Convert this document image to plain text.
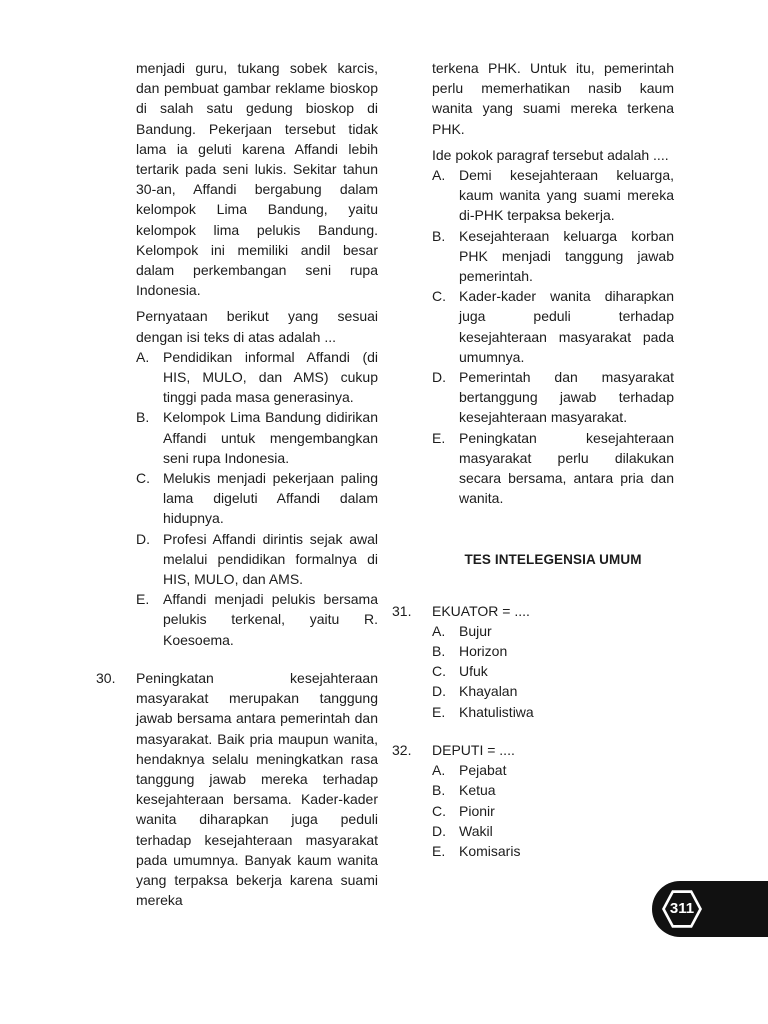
menjadi guru, tukang sobek karcis, dan pembuat gambar reklame bioskop di salah satu gedung bioskop di Bandung. Pekerjaan tersebut tidak lama ia geluti karena Affandi lebih tertarik pada seni lukis. Sekitar tahun 30-an, Affandi bergabung dalam kelompok Lima Bandung, yaitu kelompok lima pelukis Bandung. Kelompok ini memiliki andil besar dalam perkembangan seni rupa Indonesia.

Pernyataan berikut yang sesuai dengan isi teks di atas adalah ...

A. Pendidikan informal Affandi (di HIS, MULO, dan AMS) cukup tinggi pada masa generasinya.
B. Kelompok Lima Bandung didirikan Affandi untuk mengembangkan seni rupa Indonesia.
C. Melukis menjadi pekerjaan paling lama digeluti Affandi dalam hidupnya.
D. Profesi Affandi dirintis sejak awal melalui pendidikan formalnya di HIS, MULO, dan AMS.
E. Affandi menjadi pelukis bersama pelukis terkenal, yaitu R. Koesoema.
30. Peningkatan kesejahteraan masyarakat merupakan tanggung jawab bersama antara pemerintah dan masyarakat. Baik pria maupun wanita, hendaknya selalu meningkatkan rasa tanggung jawab mereka terhadap kesejahteraan bersama. Kader-kader wanita diharapkan juga peduli terhadap kesejahteraan masyarakat pada umumnya. Banyak kaum wanita yang terpaksa bekerja karena suami mereka

terkena PHK. Untuk itu, pemerintah perlu memerhatikan nasib kaum wanita yang suami mereka terkena PHK.

Ide pokok paragraf tersebut adalah ....

A. Demi kesejahteraan keluarga, kaum wanita yang suami mereka di-PHK terpaksa bekerja.
B. Kesejahteraan keluarga korban PHK menjadi tanggung jawab pemerintah.
C. Kader-kader wanita diharapkan juga peduli terhadap kesejahteraan masyarakat pada umumnya.
D. Pemerintah dan masyarakat bertanggung jawab terhadap kesejahteraan masyarakat.
E. Peningkatan kesejahteraan masyarakat perlu dilakukan secara bersama, antara pria dan wanita.
TES INTELEGENSIA UMUM
31. EKUATOR = ....

A. Bujur
B. Horizon
C. Ufuk
D. Khayalan
E. Khatulistiwa
32. DEPUTI = ....

A. Pejabat
B. Ketua
C. Pionir
D. Wakil
E. Komisaris
311
